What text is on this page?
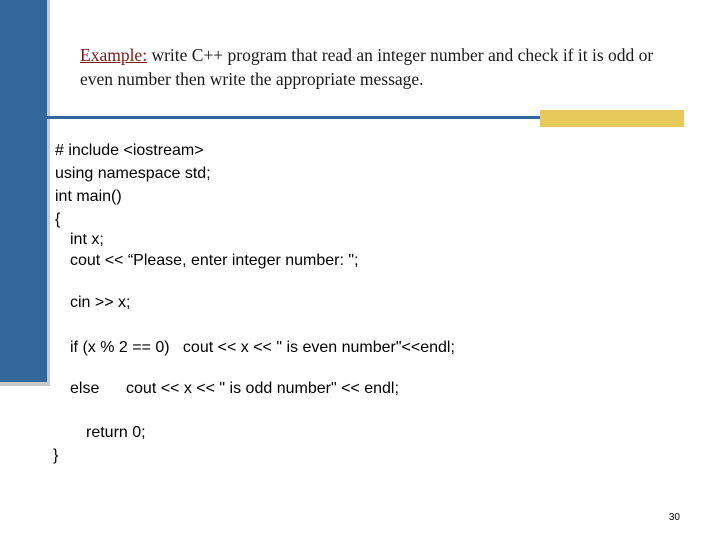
Example: write C++ program that read an integer number and check if it is odd or even number then write the appropriate message.

# include <iostream>

using namespace std;

int main()

{

int x;

cout << “Please, enter integer number: ";

cin >> x;

if (x % 2 == 0)   cout << x << " is even number"<<endl;

else      cout << x << " is odd number" << endl;

return 0;

}

30
